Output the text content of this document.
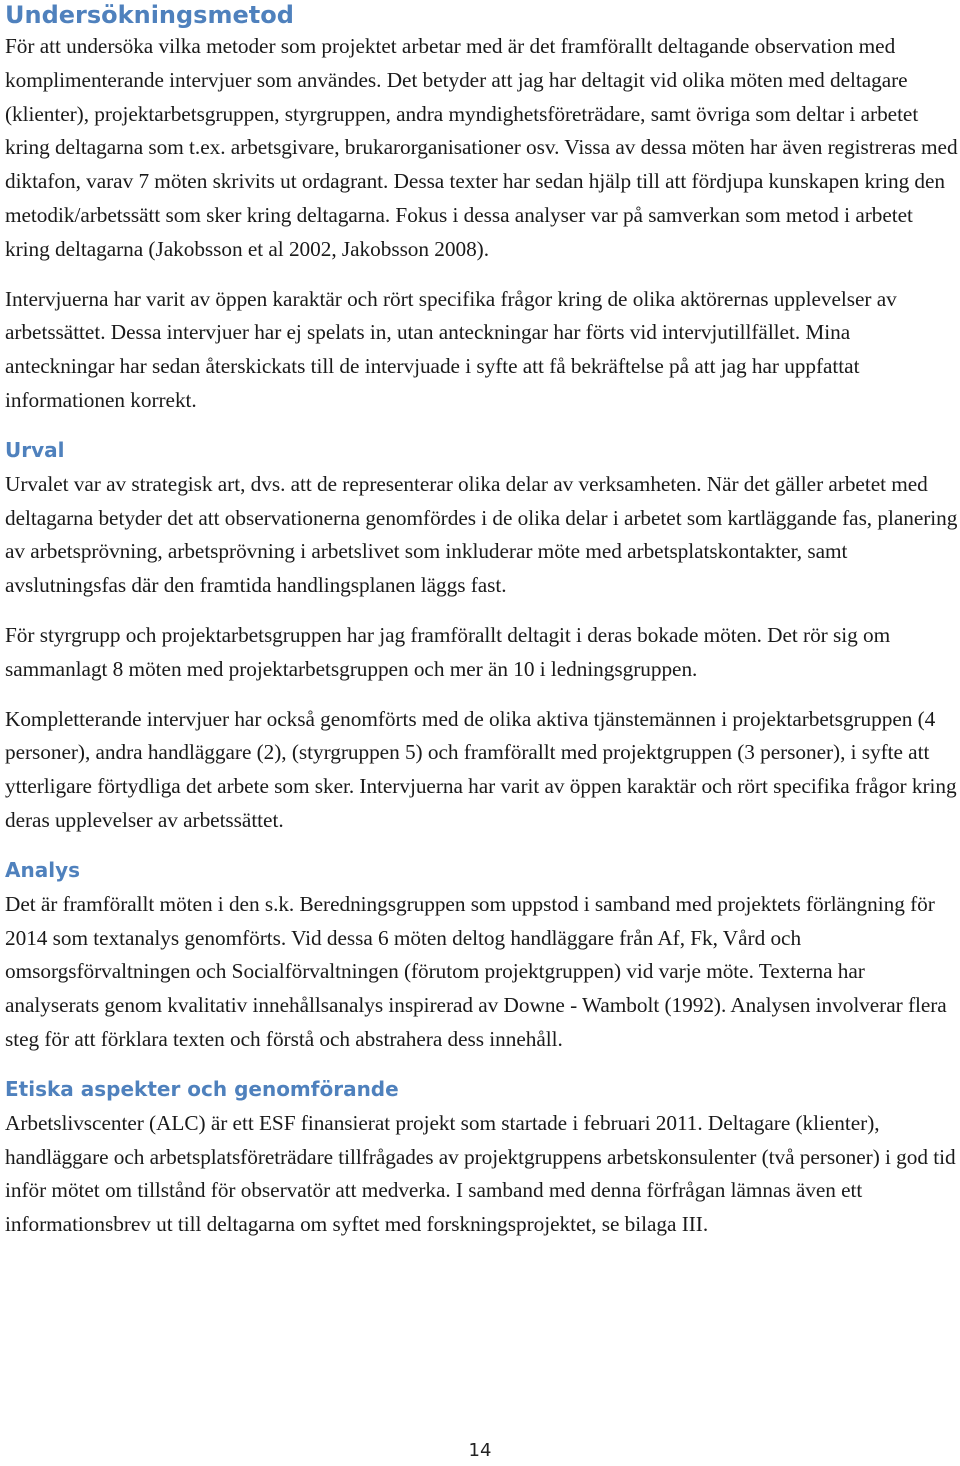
Undersökningsmetod

För att undersöka vilka metoder som projektet arbetar med är det framförallt deltagande observation med komplimenterande intervjuer som användes. Det betyder att jag har deltagit vid olika möten med deltagare (klienter), projektarbetsgruppen, styrgruppen, andra myndighetsföreträdare, samt övriga som deltar i arbetet kring deltagarna som t.ex. arbetsgivare, brukarorganisationer osv. Vissa av dessa möten har även registreras med diktafon, varav 7 möten skrivits ut ordagrant. Dessa texter har sedan hjälp till att fördjupa kunskapen kring den metodik/arbetssätt som sker kring deltagarna. Fokus i dessa analyser var på samverkan som metod i arbetet kring deltagarna (Jakobsson et al 2002, Jakobsson 2008).

Intervjuerna har varit av öppen karaktär och rört specifika frågor kring de olika aktörernas upplevelser av arbetssättet. Dessa intervjuer har ej spelats in, utan anteckningar har förts vid intervjutillfället. Mina anteckningar har sedan återskickats till de intervjuade i syfte att få bekräftelse på att jag har uppfattat informationen korrekt.

Urval

Urvalet var av strategisk art, dvs. att de representerar olika delar av verksamheten. När det gäller arbetet med deltagarna betyder det att observationerna genomfördes i de olika delar i arbetet som kartläggande fas, planering av arbetsprövning, arbetsprövning i arbetslivet som inkluderar möte med arbetsplatskontakter, samt avslutningsfas där den framtida handlingsplanen läggs fast.

För styrgrupp och projektarbetsgruppen har jag framförallt deltagit i deras bokade möten. Det rör sig om sammanlagt 8 möten med projektarbetsgruppen och mer än 10 i ledningsgruppen.

Kompletterande intervjuer har också genomförts med de olika aktiva tjänstemännen i projektarbetsgruppen (4 personer), andra handläggare (2), (styrgruppen 5) och framförallt med projektgruppen (3 personer), i syfte att ytterligare förtydliga det arbete som sker. Intervjuerna har varit av öppen karaktär och rört specifika frågor kring deras upplevelser av arbetssättet.

Analys

Det är framförallt möten i den s.k. Beredningsgruppen som uppstod i samband med projektets förlängning för 2014 som textanalys genomförts. Vid dessa 6 möten deltog handläggare från Af, Fk, Vård och omsorgsförvaltningen och Socialförvaltningen (förutom projektgruppen) vid varje möte. Texterna har analyserats genom kvalitativ innehållsanalys inspirerad av Downe - Wambolt (1992). Analysen involverar flera steg för att förklara texten och förstå och abstrahera dess innehåll.

Etiska aspekter och genomförande

Arbetslivscenter (ALC) är ett ESF finansierat projekt som startade i februari 2011. Deltagare (klienter), handläggare och arbetsplatsföreträdare tillfrågades av projektgruppens arbetskonsulenter (två personer) i god tid inför mötet om tillstånd för observatör att medverka. I samband med denna förfrågan lämnas även ett informationsbrev ut till deltagarna om syftet med forskningsprojektet, se bilaga III.

14
